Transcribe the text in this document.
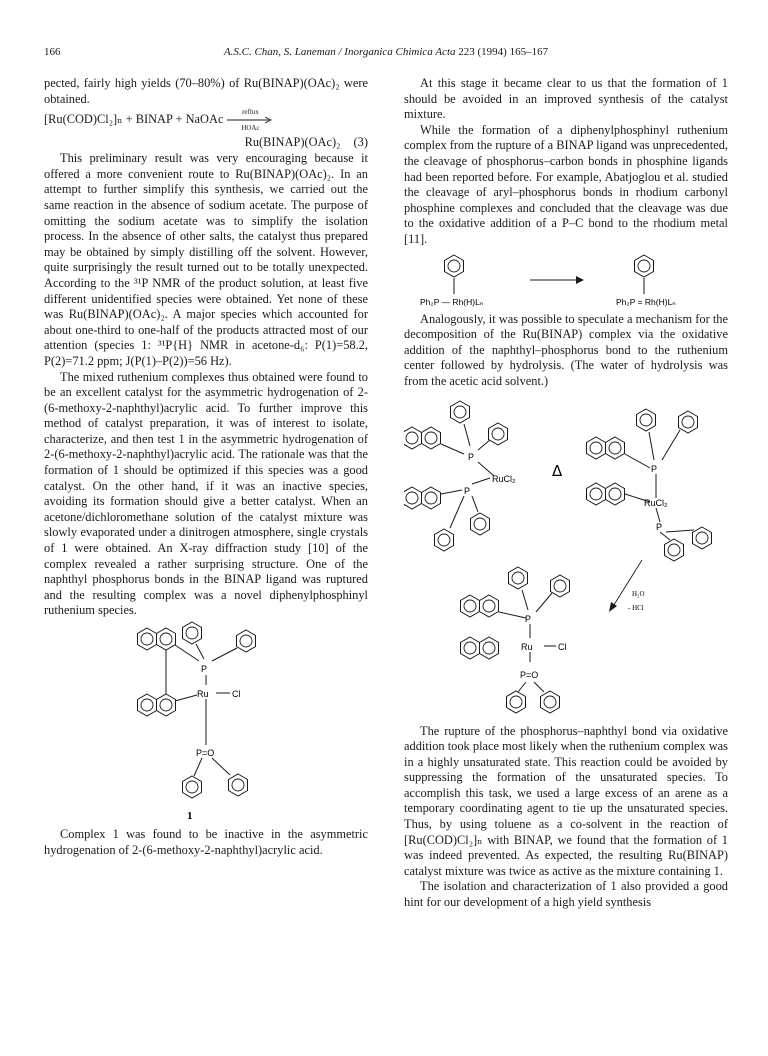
166	A.S.C. Chan, S. Laneman / Inorganica Chimica Acta 223 (1994) 165–167

pected, fairly high yields (70–80%) of Ru(BINAP)(OAc)₂ were obtained.

[Ru(COD)Cl₂]ₙ + BINAP + NaOAc
reflux
HOAc
Ru(BINAP)(OAc)₂ (3)

This preliminary result was very encouraging because it offered a more convenient route to Ru(BINAP)(OAc)₂. In an attempt to further simplify this synthesis, we carried out the same reaction in the absence of sodium acetate. The purpose of omitting the sodium acetate was to simplify the isolation process. In the absence of other salts, the catalyst thus prepared may be obtained by simply distilling off the solvent. However, quite surprisingly the result turned out to be totally unexpected. According to the ³¹P NMR of the product solution, at least five different unidentified species were obtained. Yet none of these was Ru(BINAP)(OAc)₂. A major species which accounted for about one-third to one-half of the products attracted most of our attention (species 1: ³¹P{H} NMR in acetone-d₆: P(1)=58.2, P(2)=71.2 ppm; J(P(1)–P(2))=56 Hz).

The mixed ruthenium complexes thus obtained were found to be an excellent catalyst for the asymmetric hydrogenation of 2-(6-methoxy-2-naphthyl)acrylic acid. To further improve this method of catalyst preparation, it was of interest to isolate, characterize, and then test 1 in the asymmetric hydrogenation of 2-(6-methoxy-2-naphthyl)acrylic acid. The rationale was that the formation of 1 should be optimized if this species was a good catalyst. On the other hand, if it was an inactive species, avoiding its formation should give a better catalyst. When an acetone/dichloromethane solution of the catalyst mixture was slowly evaporated under a dinitrogen atmosphere, single crystals of 1 were obtained. An X-ray diffraction study [10] of the complex revealed a rather surprising structure. One of the naphthyl phosphorus bonds in the BINAP ligand was ruptured and the resulting complex was a novel diphenylphosphinyl ruthenium species.

P
Ru	Cl
P=O
1

Complex 1 was found to be inactive in the asymmetric hydrogenation of 2-(6-methoxy-2-naphthyl)acrylic acid.

At this stage it became clear to us that the formation of 1 should be avoided in an improved synthesis of the catalyst mixture.

While the formation of a diphenylphosphinyl ruthenium complex from the rupture of a BINAP ligand was unprecedented, the cleavage of phosphorus–carbon bonds in phosphine ligands had been reported before. For example, Abatjoglou et al. studied the cleavage of aryl–phosphorus bonds in rhodium carbonyl phosphine complexes and concluded that the cleavage was due to the oxidative addition of a P–C bond to the rhodium metal [11].

Ph₂P — Rh(H)Lₙ	Ph₂P = Rh(H)Lₙ

Analogously, it was possible to speculate a mechanism for the decomposition of the Ru(BINAP) complex via the oxidative addition of the naphthyl–phosphorus bond to the ruthenium center followed by hydrolysis. (The water of hydrolysis was from the acetic acid solvent.)

P
P
RuCl₂ Δ	P
RuCl₂
P
H₂O
- HCl
P
Ru	Cl
P=O

The rupture of the phosphorus–naphthyl bond via oxidative addition took place most likely when the ruthenium complex was in a highly unsaturated state. This reaction could be avoided by suppressing the formation of the unsaturated species. To accomplish this task, we used a large excess of an arene as a temporary coordinating agent to tie up the unsaturated species. Thus, by using toluene as a co-solvent in the reaction of [Ru(COD)Cl₂]ₙ with BINAP, we found that the formation of 1 was indeed prevented. As expected, the resulting Ru(BINAP) catalyst mixture was twice as active as the mixture containing 1.

The isolation and characterization of 1 also provided a good hint for our development of a high yield synthesis
